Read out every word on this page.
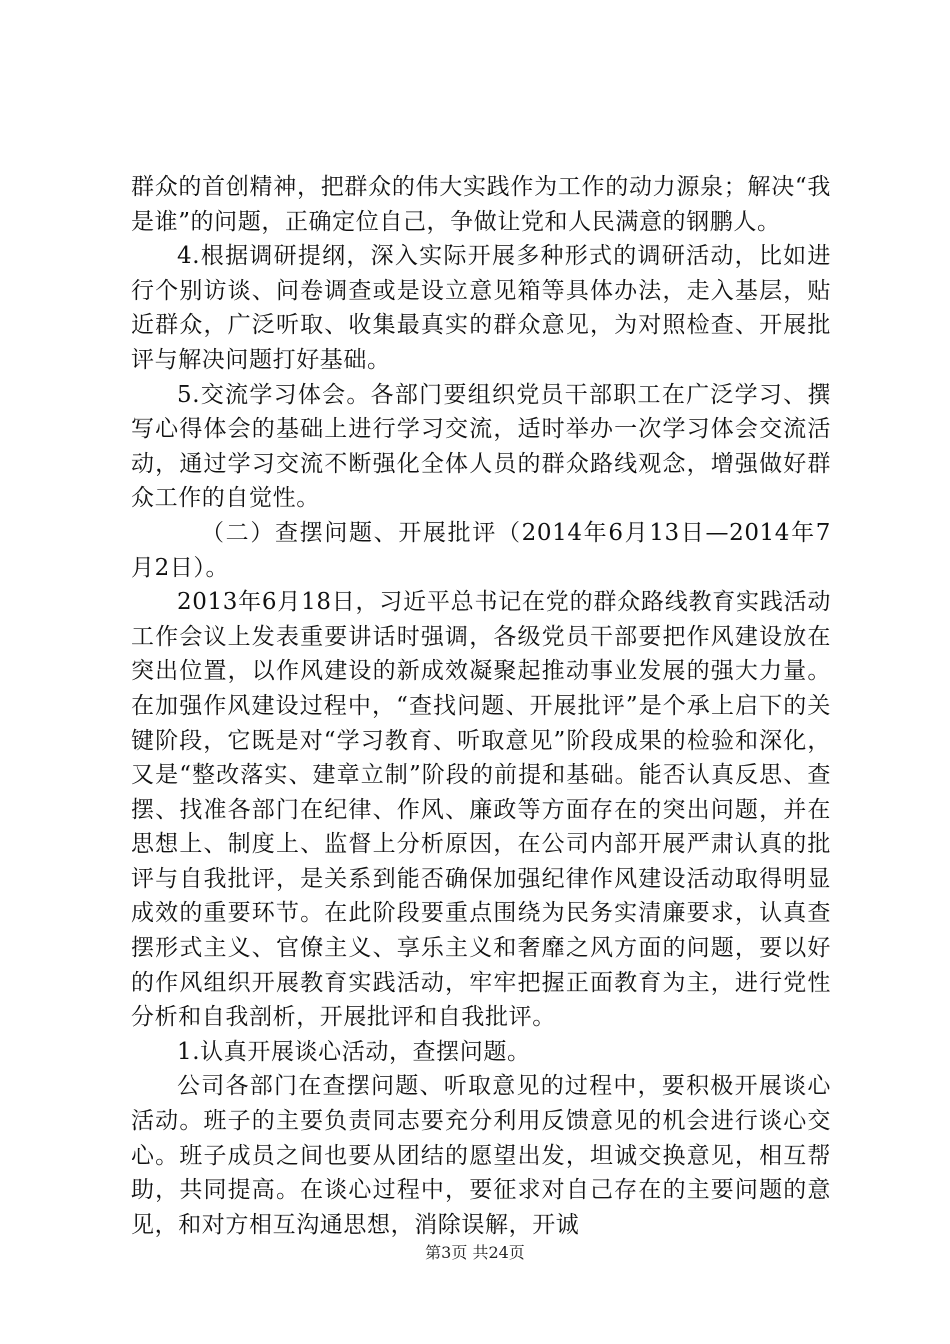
群众的首创精神，把群众的伟大实践作为工作的动力源泉；解决“我是谁”的问题，正确定位自己，争做让党和人民满意的钢鹏人。

4.根据调研提纲，深入实际开展多种形式的调研活动，比如进行个别访谈、问卷调查或是设立意见箱等具体办法，走入基层，贴近群众，广泛听取、收集最真实的群众意见，为对照检查、开展批评与解决问题打好基础。

5.交流学习体会。各部门要组织党员干部职工在广泛学习、撰写心得体会的基础上进行学习交流，适时举办一次学习体会交流活动，通过学习交流不断强化全体人员的群众路线观念，增强做好群众工作的自觉性。

（二）查摆问题、开展批评（2014年6月13日—2014年7月2日）。

2013年6月18日，习近平总书记在党的群众路线教育实践活动工作会议上发表重要讲话时强调，各级党员干部要把作风建设放在突出位置，以作风建设的新成效凝聚起推动事业发展的强大力量。在加强作风建设过程中，“查找问题、开展批评”是个承上启下的关键阶段，它既是对“学习教育、听取意见”阶段成果的检验和深化，又是“整改落实、建章立制”阶段的前提和基础。能否认真反思、查摆、找准各部门在纪律、作风、廉政等方面存在的突出问题，并在思想上、制度上、监督上分析原因，在公司内部开展严肃认真的批评与自我批评，是关系到能否确保加强纪律作风建设活动取得明显成效的重要环节。在此阶段要重点围绕为民务实清廉要求，认真查摆形式主义、官僚主义、享乐主义和奢靡之风方面的问题，要以好的作风组织开展教育实践活动，牢牢把握正面教育为主，进行党性分析和自我剖析，开展批评和自我批评。

1.认真开展谈心活动，查摆问题。

公司各部门在查摆问题、听取意见的过程中，要积极开展谈心活动。班子的主要负责同志要充分利用反馈意见的机会进行谈心交心。班子成员之间也要从团结的愿望出发，坦诚交换意见，相互帮助，共同提高。在谈心过程中，要征求对自己存在的主要问题的意见，和对方相互沟通思想，消除误解，开诚

第3页 共24页
